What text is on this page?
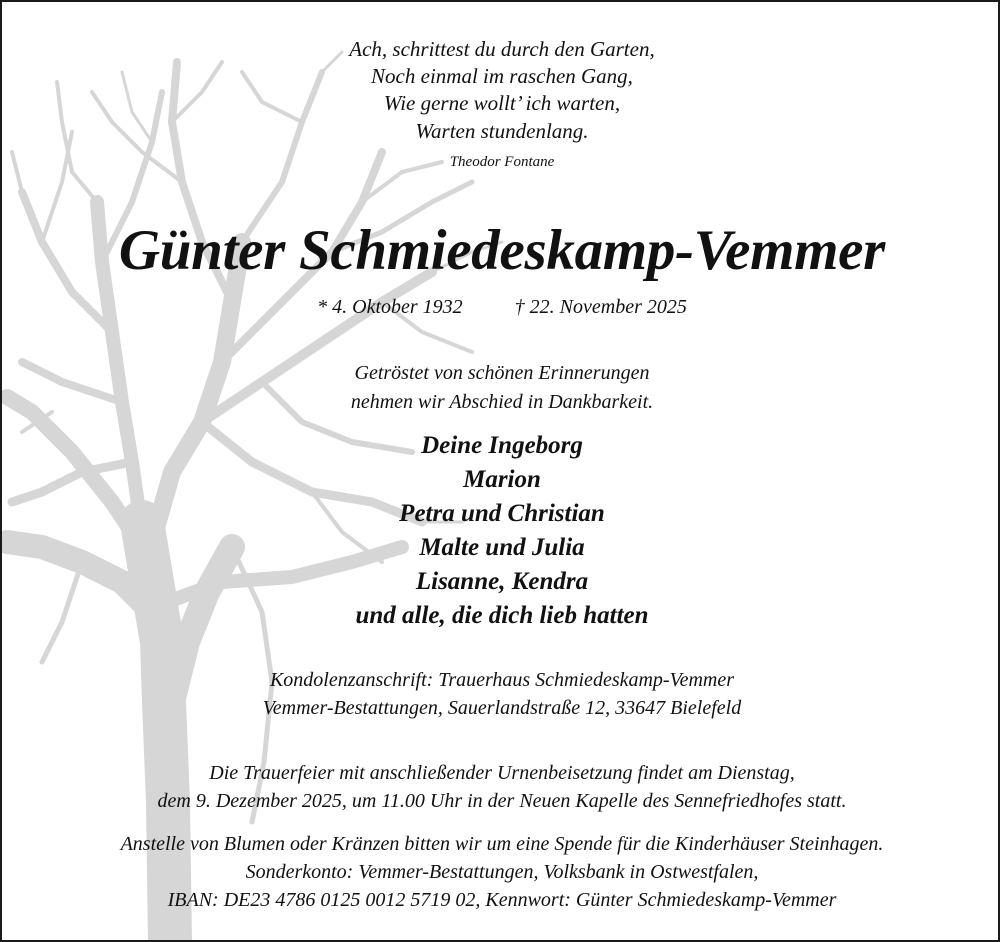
Ach, schrittest du durch den Garten,
Noch einmal im raschen Gang,
Wie gerne wollt’ ich warten,
Warten stundenlang.
Theodor Fontane
Günter Schmiedeskamp-Vemmer
* 4. Oktober 1932	† 22. November 2025
Getröstet von schönen Erinnerungen
nehmen wir Abschied in Dankbarkeit.
Deine Ingeborg
Marion
Petra und Christian
Malte und Julia
Lisanne, Kendra
und alle, die dich lieb hatten
Kondolenzanschrift: Trauerhaus Schmiedeskamp-Vemmer
Vemmer-Bestattungen, Sauerlandstraße 12, 33647 Bielefeld
Die Trauerfeier mit anschließender Urnenbeisetzung findet am Dienstag,
dem 9. Dezember 2025, um 11.00 Uhr in der Neuen Kapelle des Sennefriedhofes statt.
Anstelle von Blumen oder Kränzen bitten wir um eine Spende für die Kinderhäuser Steinhagen.
Sonderkonto: Vemmer-Bestattungen, Volksbank in Ostwestfalen,
IBAN: DE23 4786 0125 0012 5719 02, Kennwort: Günter Schmiedeskamp-Vemmer
